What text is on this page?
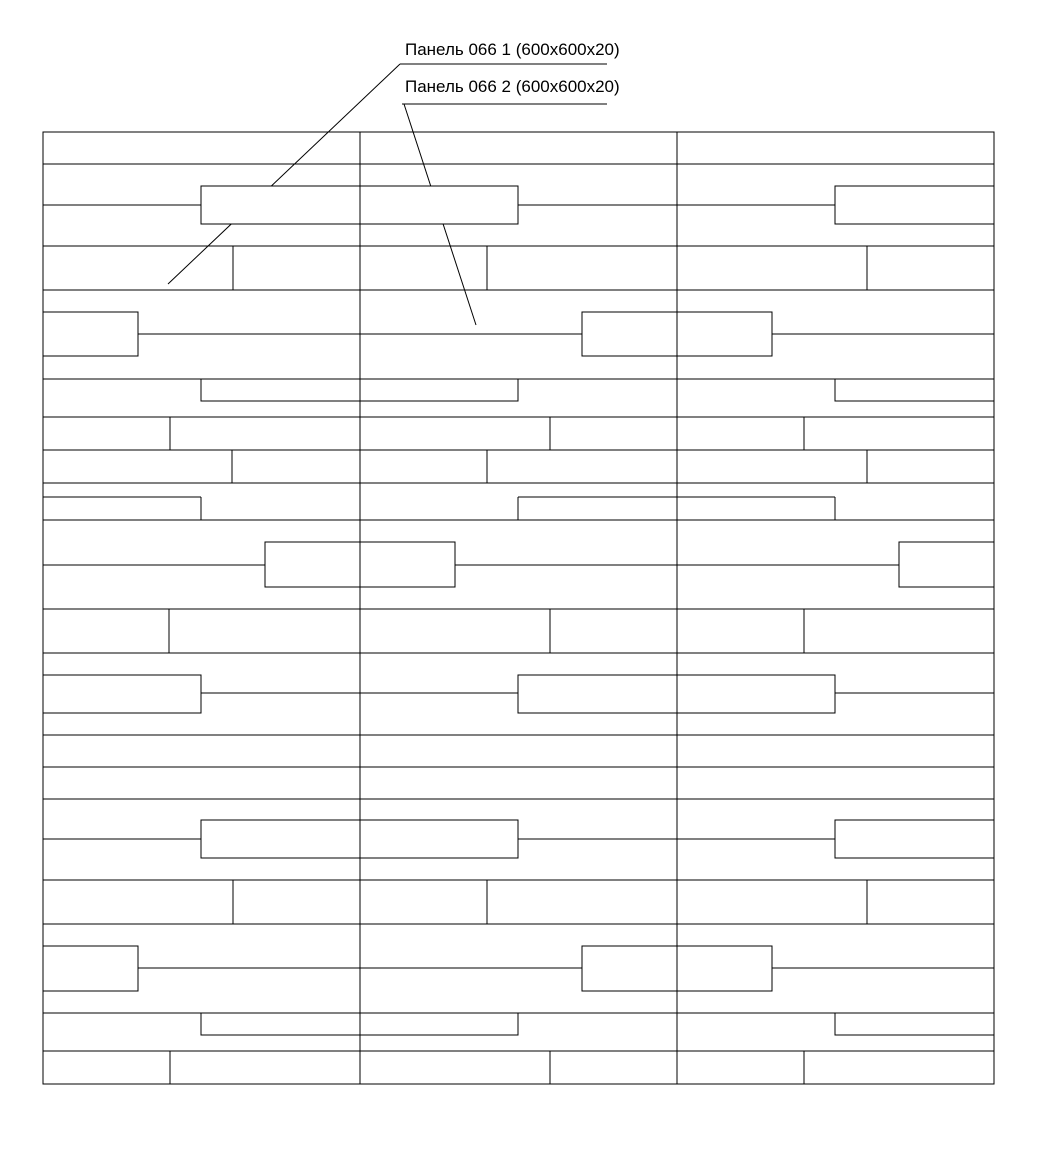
Панель 066 1 (600x600x20)
Панель 066 2 (600x600x20)
